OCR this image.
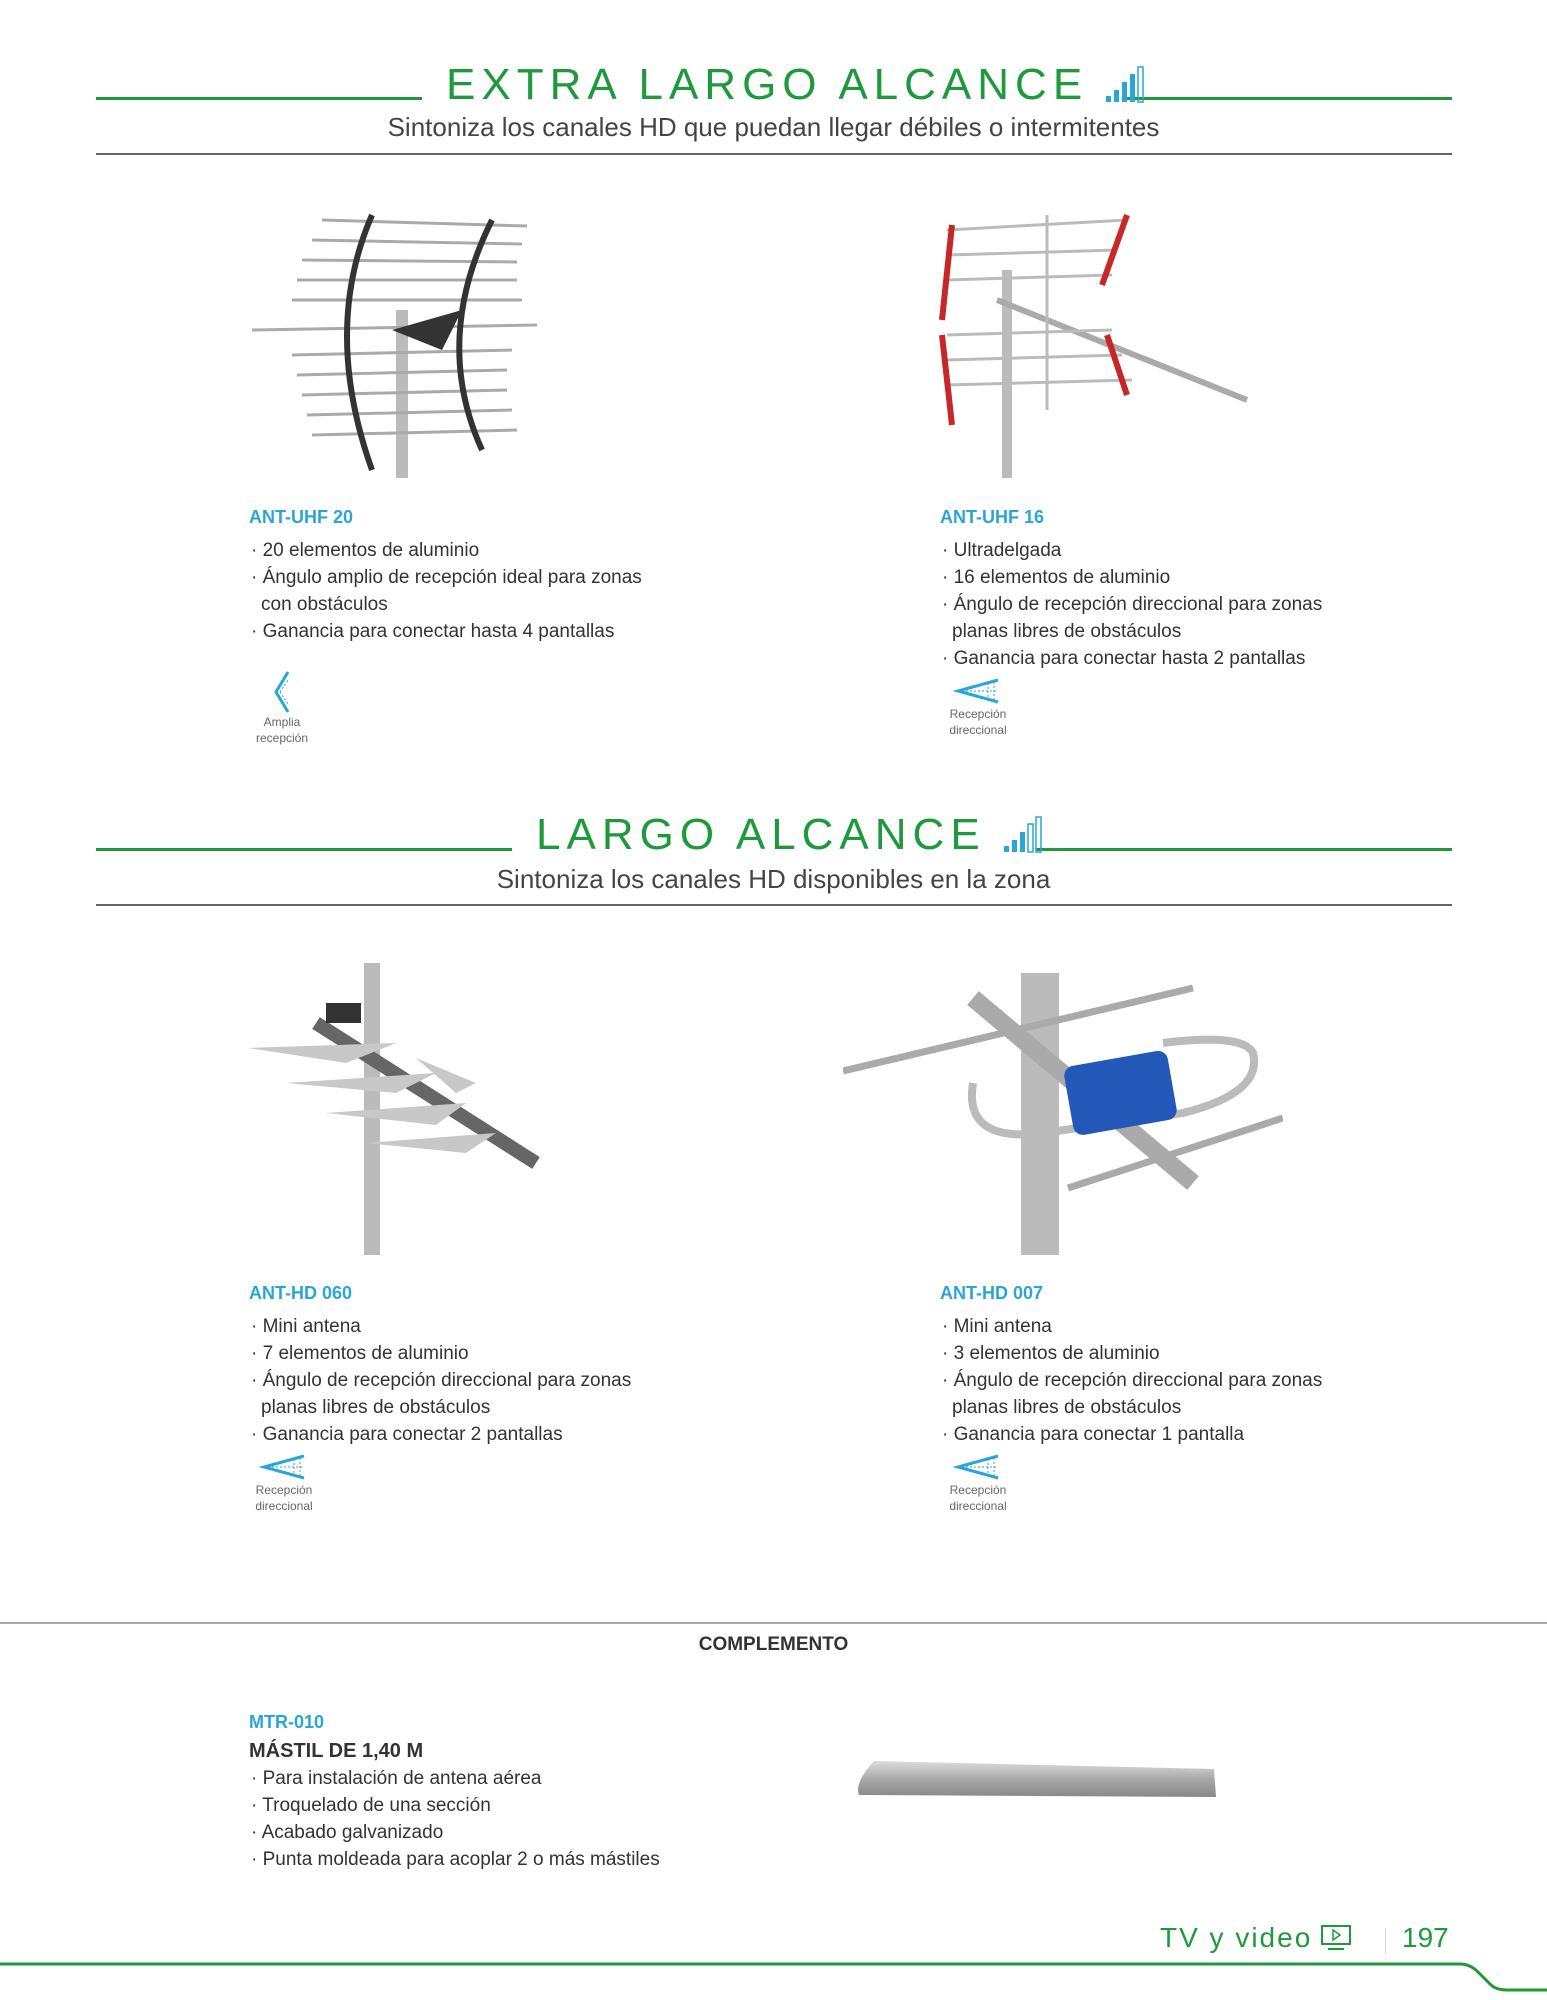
EXTRA LARGO ALCANCE
Sintoniza los canales HD que puedan llegar débiles o intermitentes
ANT-UHF 20
· 20 elementos de aluminio
· Ángulo amplio de recepción ideal para zonas con obstáculos
· Ganancia para conectar hasta 4 pantallas
ANT-UHF 16
· Ultradelgada
· 16 elementos de aluminio
· Ángulo de recepción direccional para zonas planas libres de obstáculos
· Ganancia para conectar hasta 2 pantallas
Amplia recepción
Recepción direccional
LARGO ALCANCE
Sintoniza los canales HD disponibles en la zona
ANT-HD 060
· Mini antena
· 7 elementos de aluminio
· Ángulo de recepción direccional para zonas planas libres de obstáculos
· Ganancia para conectar 2 pantallas
ANT-HD 007
· Mini antena
· 3 elementos de aluminio
· Ángulo de recepción direccional para zonas planas libres de obstáculos
· Ganancia para conectar 1 pantalla
Recepción direccional
Recepción direccional
COMPLEMENTO
MTR-010
MÁSTIL DE 1,40 M
· Para instalación de antena aérea
· Troquelado de una sección
· Acabado galvanizado
· Punta moldeada para acoplar 2 o más mástiles
TV y video	197
